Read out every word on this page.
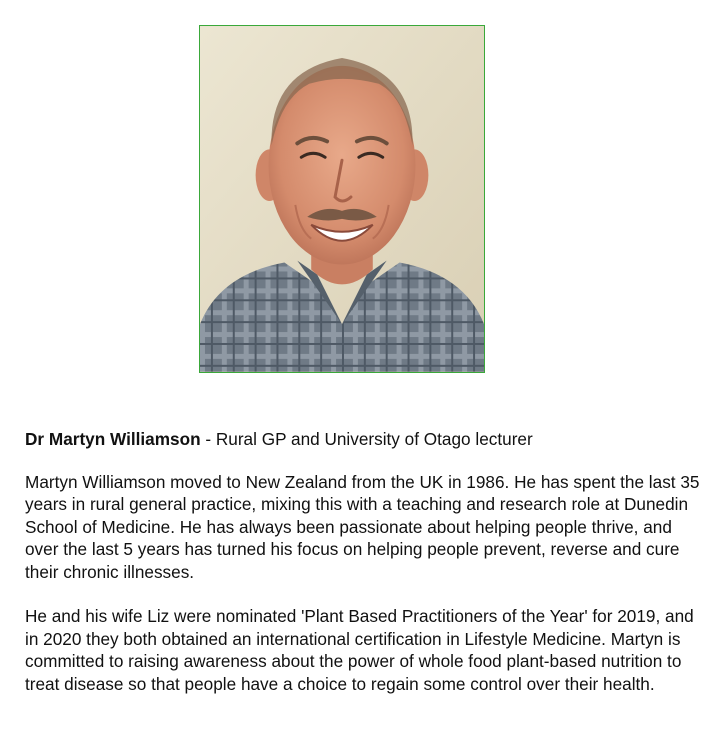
Dr Martyn Williamson - Rural GP and University of Otago lecturer

Martyn Williamson moved to New Zealand from the UK in 1986. He has spent the last 35 years in rural general practice, mixing this with a teaching and research role at Dunedin School of Medicine. He has always been passionate about helping people thrive, and over the last 5 years has turned his focus on helping people prevent, reverse and cure their chronic illnesses.

He and his wife Liz were nominated 'Plant Based Practitioners of the Year' for 2019, and in 2020 they both obtained an international certification in Lifestyle Medicine. Martyn is committed to raising awareness about the power of whole food plant-based nutrition to treat disease so that people have a choice to regain some control over their health.
